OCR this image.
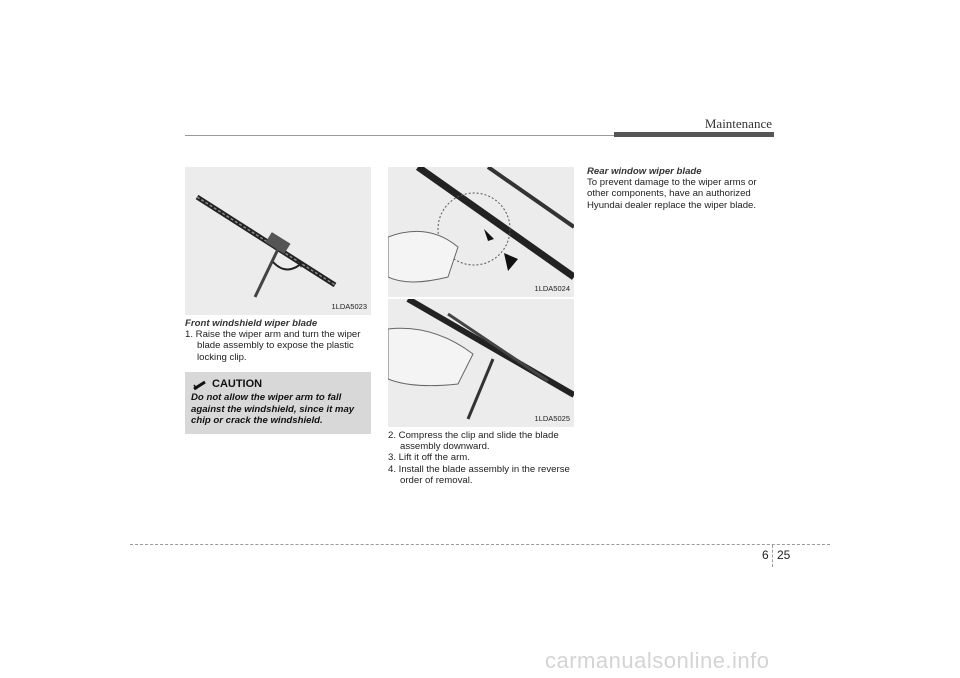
Maintenance
1LDA5023
1LDA5024
1LDA5025
Front windshield wiper blade

1. Raise the wiper arm and turn the wiper blade assembly to expose the plastic locking clip.

CAUTION
Do not allow the wiper arm to fall against the windshield, since it may chip or crack the windshield.

2. Compress the clip and slide the blade assembly downward.

3. Lift it off the arm.

4. Install the blade assembly in the reverse order of removal.

Rear window wiper blade
To prevent damage to the wiper arms or other components, have an authorized Hyundai dealer replace the wiper blade.
6 25
carmanualsonline.info
